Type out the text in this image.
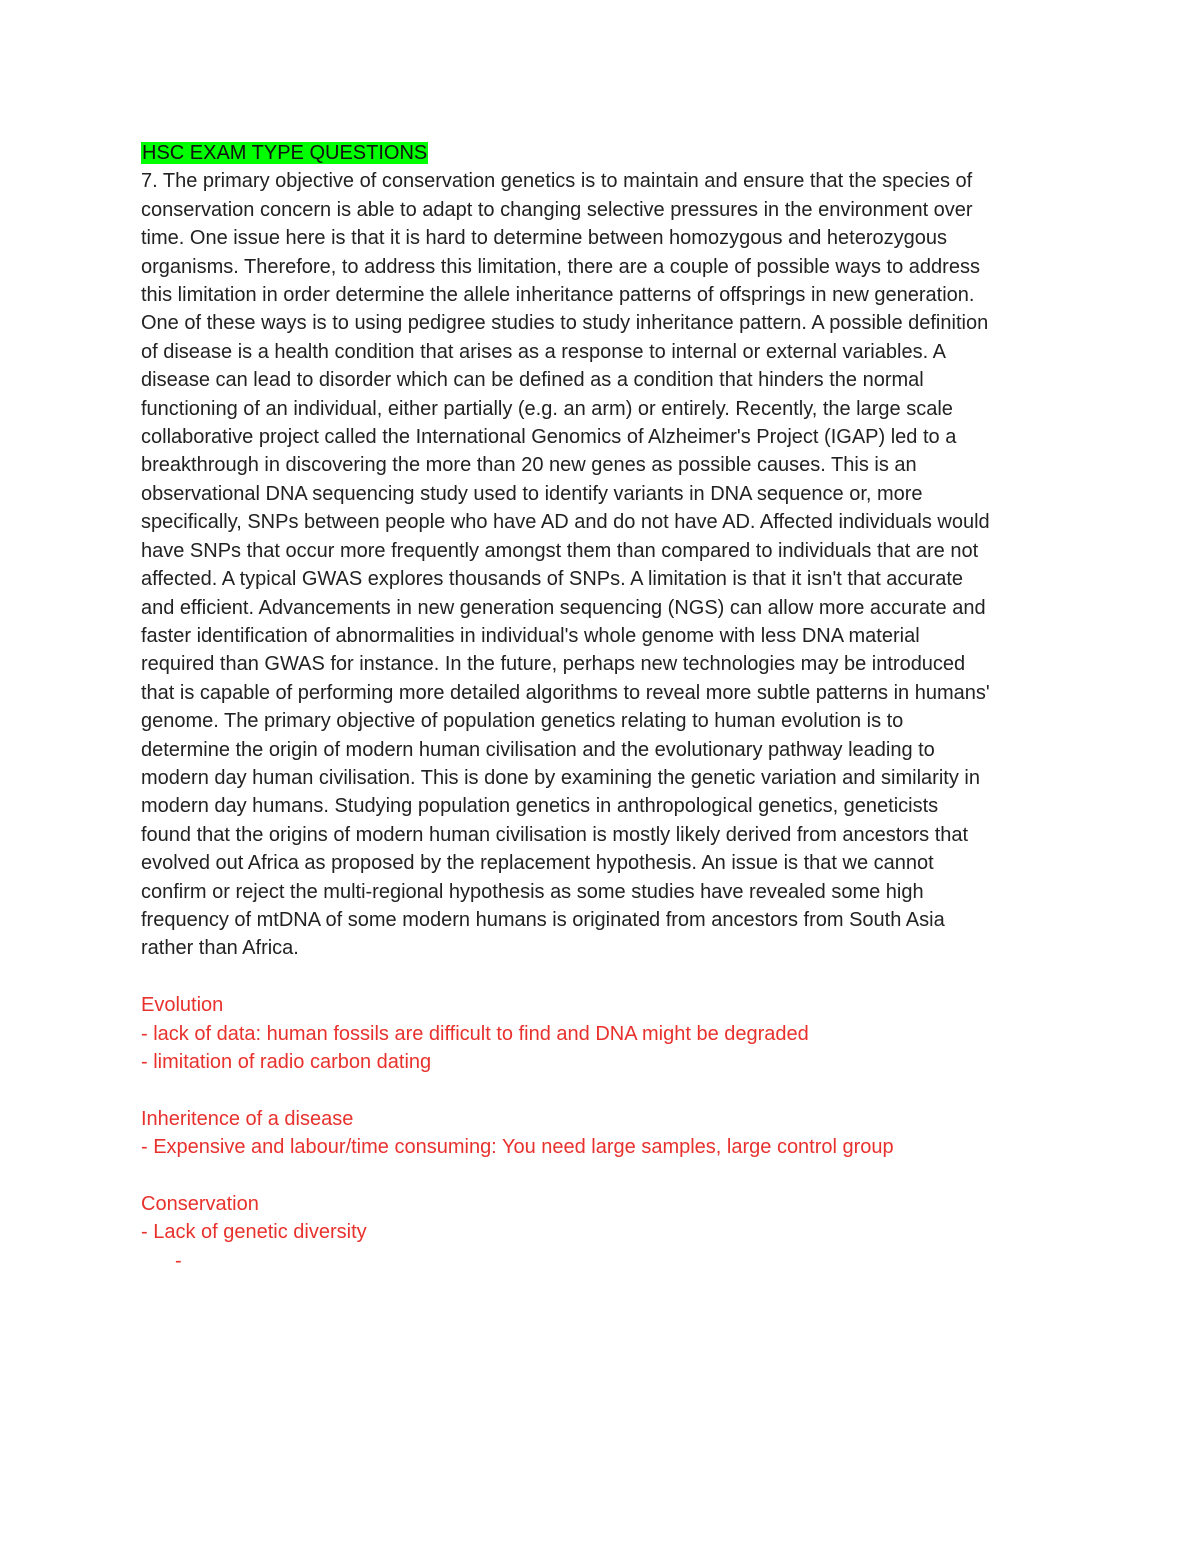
HSC EXAM TYPE QUESTIONS
7. The primary objective of conservation genetics is to maintain and ensure that the species of
conservation concern is able to adapt to changing selective pressures in the environment over
time. One issue here is that it is hard to determine between homozygous and heterozygous
organisms. Therefore, to address this limitation, there are a couple of possible ways to address
this limitation in order determine the allele inheritance patterns of offsprings in new generation.
One of these ways is to using pedigree studies to study inheritance pattern. A possible definition
of disease is a health condition that arises as a response to internal or external variables. A
disease can lead to disorder which can be defined as a condition that hinders the normal
functioning of an individual, either partially (e.g. an arm) or entirely. Recently, the large scale
collaborative project called the International Genomics of Alzheimer's Project (IGAP) led to a
breakthrough in discovering the more than 20 new genes as possible causes. This is an
observational DNA sequencing study used to identify variants in DNA sequence or, more
specifically, SNPs between people who have AD and do not have AD. Affected individuals would
have SNPs that occur more frequently amongst them than compared to individuals that are not
affected. A typical GWAS explores thousands of SNPs. A limitation is that it isn't that accurate
and efficient. Advancements in new generation sequencing (NGS) can allow more accurate and
faster identification of abnormalities in individual's whole genome with less DNA material
required than GWAS for instance. In the future, perhaps new technologies may be introduced
that is capable of performing more detailed algorithms to reveal more subtle patterns in humans'
genome. The primary objective of population genetics relating to human evolution is to
determine the origin of modern human civilisation and the evolutionary pathway leading to
modern day human civilisation. This is done by examining the genetic variation and similarity in
modern day humans. Studying population genetics in anthropological genetics, geneticists
found that the origins of modern human civilisation is mostly likely derived from ancestors that
evolved out Africa as proposed by the replacement hypothesis. An issue is that we cannot
confirm or reject the multi-regional hypothesis as some studies have revealed some high
frequency of mtDNA of some modern humans is originated from ancestors from South Asia
rather than Africa.
Evolution
- lack of data: human fossils are difficult to find and DNA might be degraded
- limitation of radio carbon dating
Inheritence of a disease
- Expensive and labour/time consuming: You need large samples, large control group
Conservation
- Lack of genetic diversity
-
